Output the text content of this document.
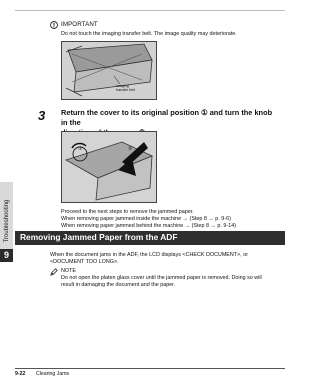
Troubleshooting
9
IMPORTANT
Do not touch the imaging transfer belt. The image quality may deteriorate.
Imaging
transfer belt
3 Return the cover to its original position ① and turn the knob in the
①	②
Proceed to the next steps to remove the jammed paper.
When removing paper jammed inside the machine → (Step 8 → p. 9-6)
When removing paper jammed behind the machine → (Step 8 → p. 9-14)
Removing Jammed Paper from the ADF
When the document jams in the ADF, the LCD displays <CHECK DOCUMENT>, or
<DOCUMENT TOO LONG>.
NOTE
Do not open the platen glass cover until the jammed paper is removed. Doing so will
result in damaging the document and the paper.
9-22 Clearing Jams
